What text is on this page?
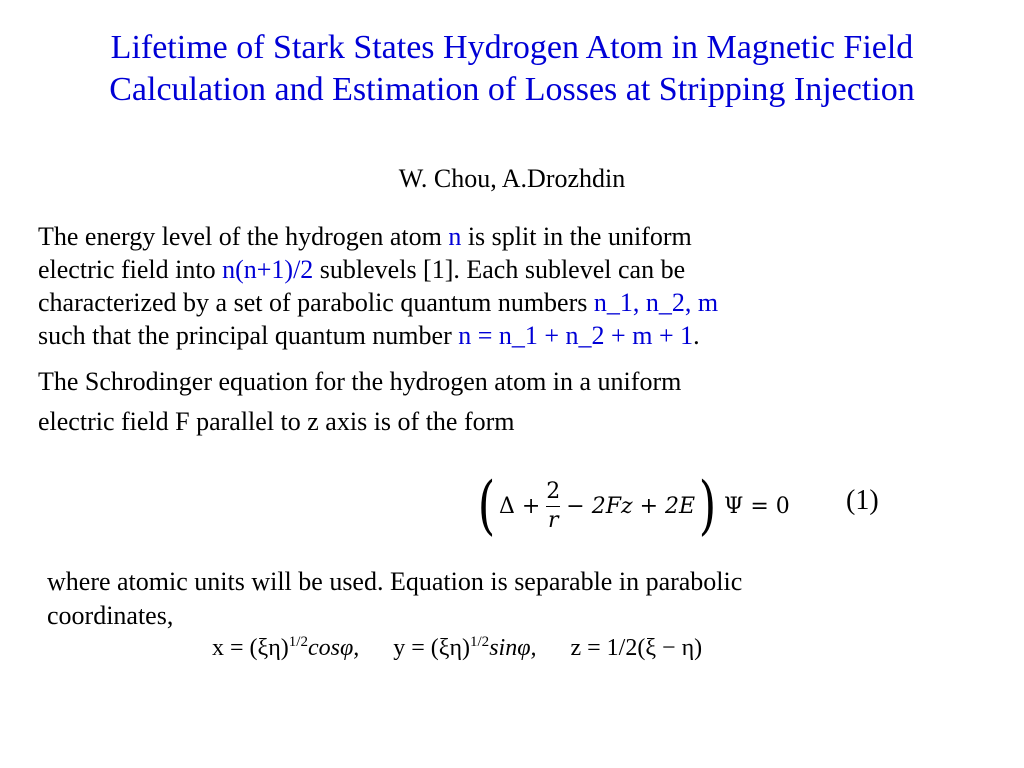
Lifetime of Stark States Hydrogen Atom in Magnetic Field
Calculation and Estimation of Losses at Stripping Injection
W. Chou, A.Drozhdin
The energy level of the hydrogen atom n is split in the uniform
electric field into n(n+1)/2 sublevels [1]. Each sublevel can be
characterized by a set of parabolic quantum numbers n_1, n_2, m
such that the principal quantum number n = n_1 + n_2 + m + 1.
The Schrodinger equation for the hydrogen atom in a uniform
electric field F parallel to z axis is of the form
( $\Delta + \frac{2}{r} - 2Fz + 2E$ ) Ψ = 0 (1)
where atomic units will be used. Equation is separable in parabolic
coordinates,
$x = (\xi\eta)^{1/2}\cos\varphi$, $y = (\xi\eta)^{1/2}\sin\varphi$, z = 1/2(ξ − η)
